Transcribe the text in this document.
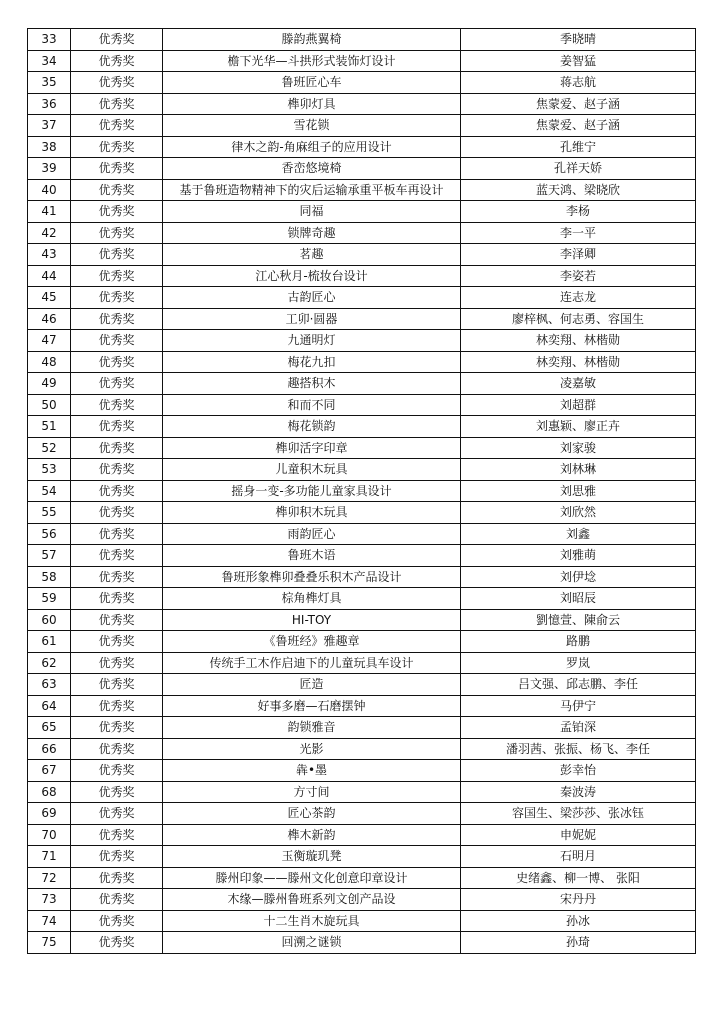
33	优秀奖	滕韵燕翼椅	季晓晴
34	优秀奖	檐下光华—斗拱形式装饰灯设计	姜智猛
35	优秀奖	鲁班匠心车	蒋志航
36	优秀奖	榫卯灯具	焦蒙爱、赵子涵
37	优秀奖	雪花锁	焦蒙爱、赵子涵
38	优秀奖	律木之韵-角麻组子的应用设计	孔维宁
39	优秀奖	香峦悠境椅	孔祥天娇
40	优秀奖	基于鲁班造物精神下的灾后运输承重平板车再设计	蓝天鸿、梁晓欣
41	优秀奖	同福	李杨
42	优秀奖	锁牌奇趣	李一平
43	优秀奖	茗趣	李泽卿
44	优秀奖	江心秋月-梳妆台设计	李姿若
45	优秀奖	古韵匠心	连志龙
46	优秀奖	工卯·圆器	廖梓枫、何志勇、容国生
47	优秀奖	九通明灯	林奕翔、林楷勋
48	优秀奖	梅花九扣	林奕翔、林楷勋
49	优秀奖	趣搭积木	凌嘉敏
50	优秀奖	和而不同	刘超群
51	优秀奖	梅花锁韵	刘惠颖、廖正卉
52	优秀奖	榫卯活字印章	刘家骏
53	优秀奖	儿童积木玩具	刘林琳
54	优秀奖	摇身一变-多功能儿童家具设计	刘思雅
55	优秀奖	榫卯积木玩具	刘欣然
56	优秀奖	雨韵匠心	刘鑫
57	优秀奖	鲁班木语	刘雅萌
58	优秀奖	鲁班形象榫卯叠叠乐积木产品设计	刘伊埝
59	优秀奖	棕角榫灯具	刘昭辰
60	优秀奖	HI-TOY	劉憶萱、陳俞云
61	优秀奖	《鲁班经》雅趣章	路鹏
62	优秀奖	传统手工木作启迪下的儿童玩具车设计	罗岚
63	优秀奖	匠造	吕文强、邱志鹏、李任
64	优秀奖	好事多磨—石磨摆钟	马伊宁
65	优秀奖	韵锁雅音	孟铂深
66	优秀奖	光影	潘羽茜、张振、杨飞、李任
67	优秀奖	犇•墨	彭幸怡
68	优秀奖	方寸间	秦波涛
69	优秀奖	匠心茶韵	容国生、梁莎莎、张冰钰
70	优秀奖	榫木新韵	申妮妮
71	优秀奖	玉衡璇玑凳	石明月
72	优秀奖	滕州印象——滕州文化创意印章设计	史绪鑫、柳一博、 张阳
73	优秀奖	木缘—滕州鲁班系列文创产品设	宋丹丹
74	优秀奖	十二生肖木旋玩具	孙冰
75	优秀奖	回溯之谜锁	孙琦
